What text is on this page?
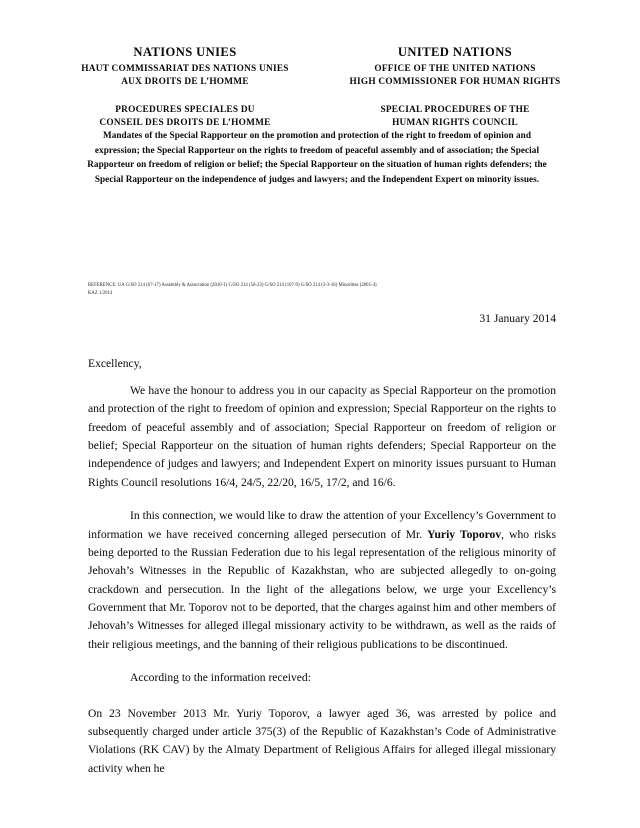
NATIONS UNIES
HAUT COMMISSARIAT DES NATIONS UNIES
AUX DROITS DE L’HOMME
PROCEDURES SPECIALES DU
CONSEIL DES DROITS DE L’HOMME
UNITED NATIONS
OFFICE OF THE UNITED NATIONS
HIGH COMMISSIONER FOR HUMAN RIGHTS
SPECIAL PROCEDURES OF THE
HUMAN RIGHTS COUNCIL
Mandates of the Special Rapporteur on the promotion and protection of the right to freedom of opinion and expression; the Special Rapporteur on the rights to freedom of peaceful assembly and of association; the Special Rapporteur on freedom of religion or belief; the Special Rapporteur on the situation of human rights defenders; the Special Rapporteur on the independence of judges and lawyers; and the Independent Expert on minority issues.
REFERENCE: UA G/SO 214 (67-17) Assembly & Association (2010-1) G/SO 214 (56-23) G/SO 214 (107-9) G/SO 214 (3-3-16) Minorities (2005-4)
KAZ 1/2014
31 January 2014
Excellency,

We have the honour to address you in our capacity as Special Rapporteur on the promotion and protection of the right to freedom of opinion and expression; Special Rapporteur on the rights to freedom of peaceful assembly and of association; Special Rapporteur on freedom of religion or belief; Special Rapporteur on the situation of human rights defenders; Special Rapporteur on the independence of judges and lawyers; and Independent Expert on minority issues pursuant to Human Rights Council resolutions 16/4, 24/5, 22/20, 16/5, 17/2, and 16/6.

In this connection, we would like to draw the attention of your Excellency’s Government to information we have received concerning alleged persecution of Mr. Yuriy Toporov, who risks being deported to the Russian Federation due to his legal representation of the religious minority of Jehovah’s Witnesses in the Republic of Kazakhstan, who are subjected allegedly to on-going crackdown and persecution. In the light of the allegations below, we urge your Excellency’s Government that Mr. Toporov not to be deported, that the charges against him and other members of Jehovah’s Witnesses for alleged illegal missionary activity to be withdrawn, as well as the raids of their religious meetings, and the banning of their religious publications to be discontinued.

According to the information received:

On 23 November 2013 Mr. Yuriy Toporov, a lawyer aged 36, was arrested by police and subsequently charged under article 375(3) of the Republic of Kazakhstan’s Code of Administrative Violations (RK CAV) by the Almaty Department of Religious Affairs for alleged illegal missionary activity when he
